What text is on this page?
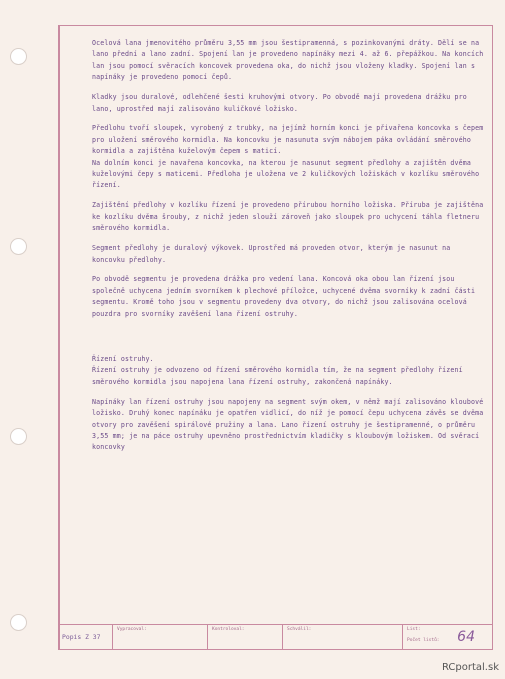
Ocelová lana jmenovitého průměru 3,55 mm jsou šestipramenná, s pozinkovanými dráty. Dělí se na lano přední a lano zadní. Spojení lan je provedeno napínáky mezi 4. až 6. přepážkou. Na koncích lan jsou pomocí svěracích koncovek provedena oka, do nichž jsou vloženy kladky. Spojení lan s napínáky je provedeno pomocí čepů.

Kladky jsou duralové, odlehčené šesti kruhovými otvory. Po obvodě mají provedena drážku pro lano, uprostřed mají zalisováno kuličkové ložisko.

Předlohu tvoří sloupek, vyrobený z trubky, na jejímž horním konci je přivařena koncovka s čepem pro uložení směrového kormidla. Na koncovku je nasunuta svým nábojem páka ovládání směrového kormidla a zajištěna kuželovým čepem s maticí.
Na dolním konci je navařena koncovka, na kterou je nasunut segment předlohy a zajištěn dvěma kuželovými čepy s maticemi. Předloha je uložena ve 2 kuličkových ložiskách v kozlíku směrového řízení.

Zajištění předlohy v kozlíku řízení je provedeno přírubou horního ložiska. Příruba je zajištěna ke kozlíku dvěma šrouby, z nichž jeden slouží zároveň jako sloupek pro uchycení táhla fletneru směrového kormidla.

Segment předlohy je duralový výkovek. Uprostřed má proveden otvor, kterým je nasunut na koncovku předlohy.

Po obvodě segmentu je provedena drážka pro vedení lana. Koncová oka obou lan řízení jsou společně uchycena jedním svorníkem k plechové příložce, uchycené dvěma svorníky k zadní části segmentu. Kromě toho jsou v segmentu provedeny dva otvory, do nichž jsou zalisována ocelová pouzdra pro svorníky zavěšení lana řízení ostruhy.

Řízení ostruhy.

Řízení ostruhy je odvozeno od řízení směrového kormidla tím, že na segment předlohy řízení směrového kormidla jsou napojena lana řízení ostruhy, zakončená napínáky.

Napínáky lan řízení ostruhy jsou napojeny na segment svým okem, v němž mají zalisováno kloubové ložisko. Druhý konec napínáku je opatřen vidlicí, do níž je pomocí čepu uchycena závěs se dvěma otvory pro zavěšení spirálové pružiny a lana. Lano řízení ostruhy je šestipramenné, o průměru 3,55 mm; je na páce ostruhy upevněno prostřednictvím kladičky s kloubovým ložiskem. Od svěrací koncovky

Popis Z 37
Vypracoval:	Kontroloval:	Schválil:	List:
Počet listů: 64
RCportal.sk
